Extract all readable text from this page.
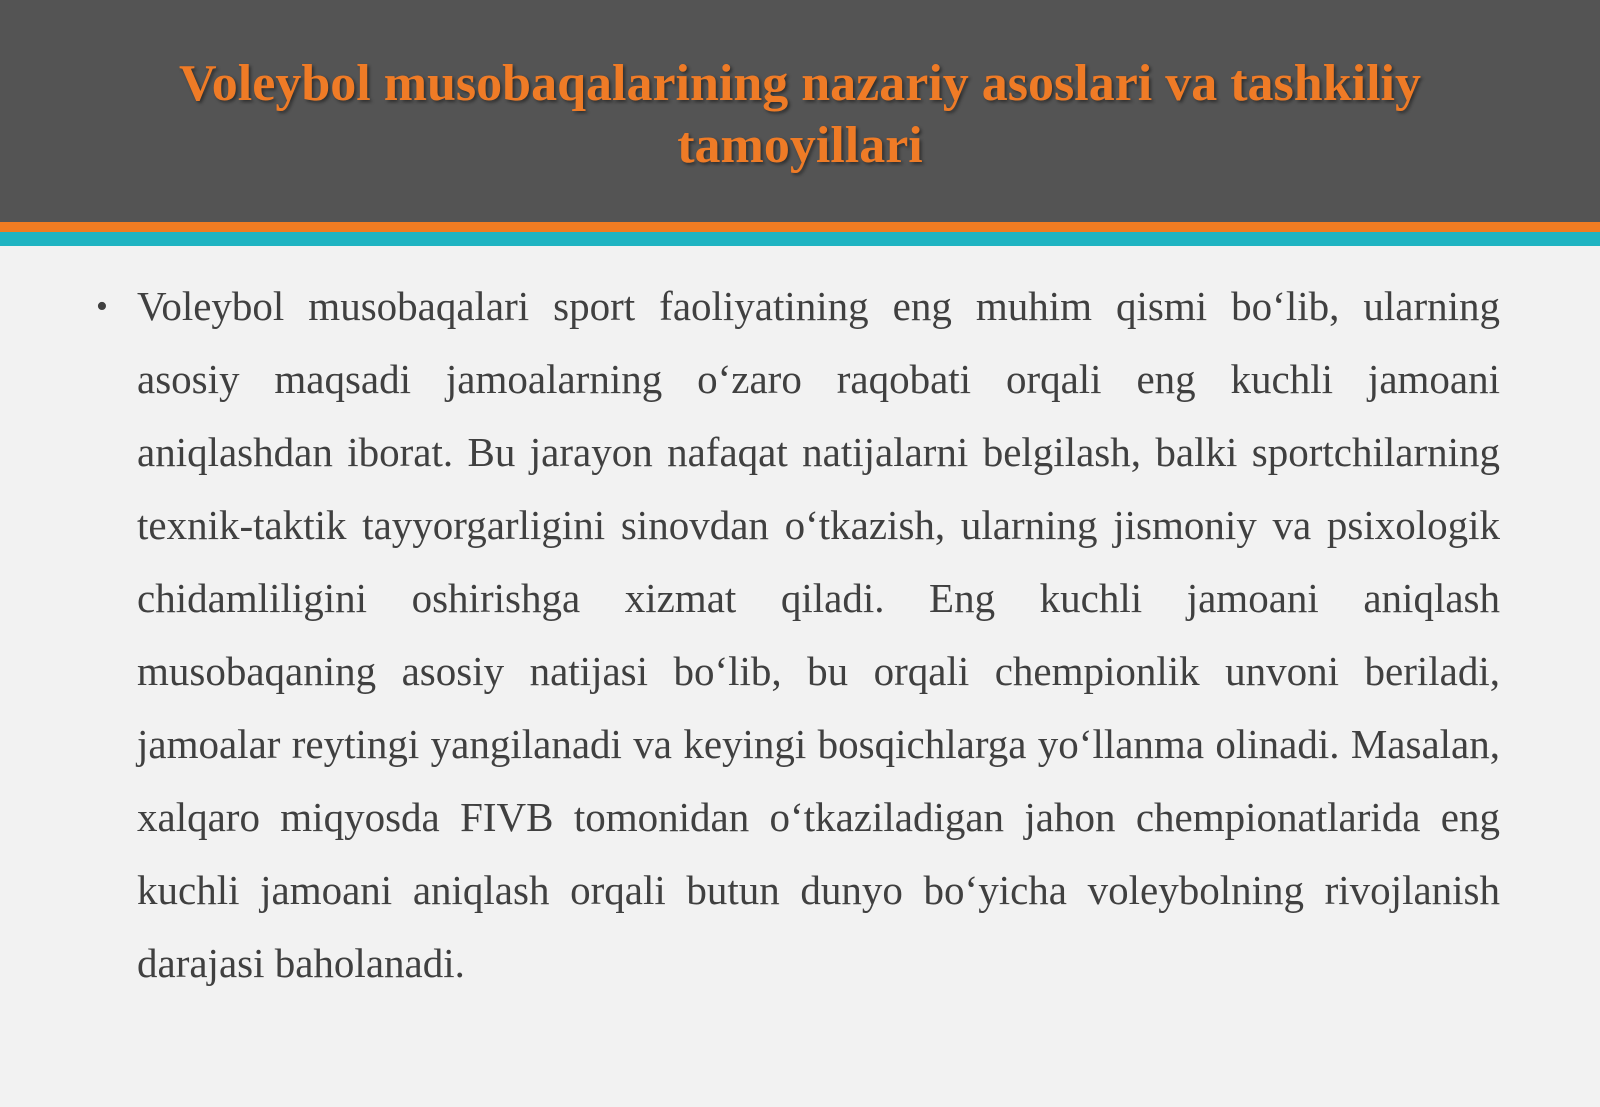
Voleybol musobaqalarining nazariy asoslari va tashkiliy tamoyillari
• Voleybol musobaqalari sport faoliyatining eng muhim qismi bo‘lib, ularning asosiy maqsadi jamoalarning o‘zaro raqobati orqali eng kuchli jamoani aniqlashdan iborat. Bu jarayon nafaqat natijalarni belgilash, balki sportchilarning texnik-taktik tayyorgarligini sinovdan o‘tkazish, ularning jismoniy va psixologik chidamliligini oshirishga xizmat qiladi. Eng kuchli jamoani aniqlash musobaqaning asosiy natijasi bo‘lib, bu orqali chempionlik unvoni beriladi, jamoalar reytingi yangilanadi va keyingi bosqichlarga yo‘llanma olinadi. Masalan, xalqaro miqyosda FIVB tomonidan o‘tkaziladigan jahon chempionatlarida eng kuchli jamoani aniqlash orqali butun dunyo bo‘yicha voleybolning rivojlanish darajasi baholanadi.
